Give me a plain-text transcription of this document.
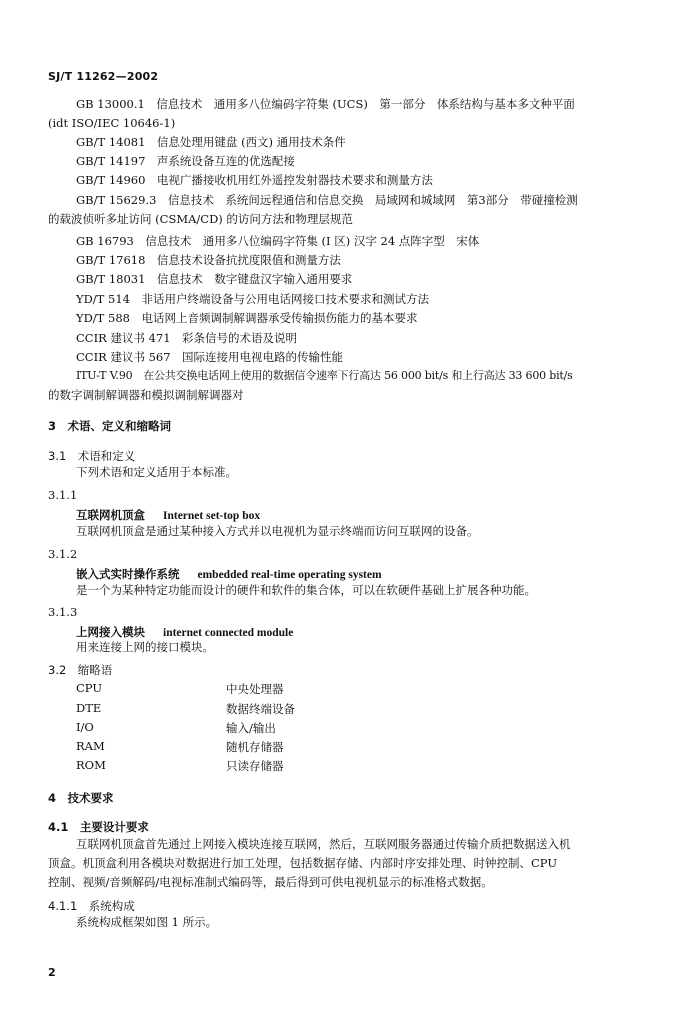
SJ/T 11262—2002
GB 13000.1　信息技术　通用多八位编码字符集 (UCS)　第一部分　体系结构与基本多文种平面
(idt ISO/IEC 10646-1)
GB/T 14081　信息处理用键盘 (西文) 通用技术条件
GB/T 14197　声系统设备互连的优选配接
GB/T 14960　电视广播接收机用红外遥控发射器技术要求和测量方法
GB/T 15629.3　信息技术　系统间远程通信和信息交换　局域网和城域网　第3部分　带碰撞检测
的载波侦听多址访问 (CSMA/CD) 的访问方法和物理层规范
GB 16793　信息技术　通用多八位编码字符集 (I 区) 汉字 24 点阵字型　宋体
GB/T 17618　信息技术设备抗扰度限值和测量方法
GB/T 18031　信息技术　数字键盘汉字输入通用要求
YD/T 514　非话用户终端设备与公用电话网接口技术要求和测试方法
YD/T 588　电话网上音频调制解调器承受传输损伤能力的基本要求
CCIR 建议书 471　彩条信号的术语及说明
CCIR 建议书 567　国际连接用电视电路的传输性能
ITU-T V.90　在公共交换电话网上使用的数据信令速率下行高达 56 000 bit/s 和上行高达 33 600 bit/s
的数字调制解调器和模拟调制解调器对
3　术语、定义和缩略词
3.1　术语和定义
下列术语和定义适用于本标准。
3.1.1
互联网机顶盒 Internet set-top box
互联网机顶盒是通过某种接入方式并以电视机为显示终端而访问互联网的设备。
3.1.2
嵌入式实时操作系统 embedded real-time operating system
是一个为某种特定功能而设计的硬件和软件的集合体，可以在软硬件基础上扩展各种功能。
3.1.3
上网接入模块 internet connected module
用来连接上网的接口模块。
3.2　缩略语
CPU	中央处理器
DTE	数据终端设备
I/O	输入/输出
RAM	随机存储器
ROM	只读存储器
4　技术要求
4.1　主要设计要求
互联网机顶盒首先通过上网接入模块连接互联网，然后，互联网服务器通过传输介质把数据送入机
顶盒。机顶盒利用各模块对数据进行加工处理，包括数据存储、内部时序安排处理、时钟控制、CPU
控制、视频/音频解码/电视标准制式编码等，最后得到可供电视机显示的标准格式数据。
4.1.1　系统构成
系统构成框架如图 1 所示。
2
